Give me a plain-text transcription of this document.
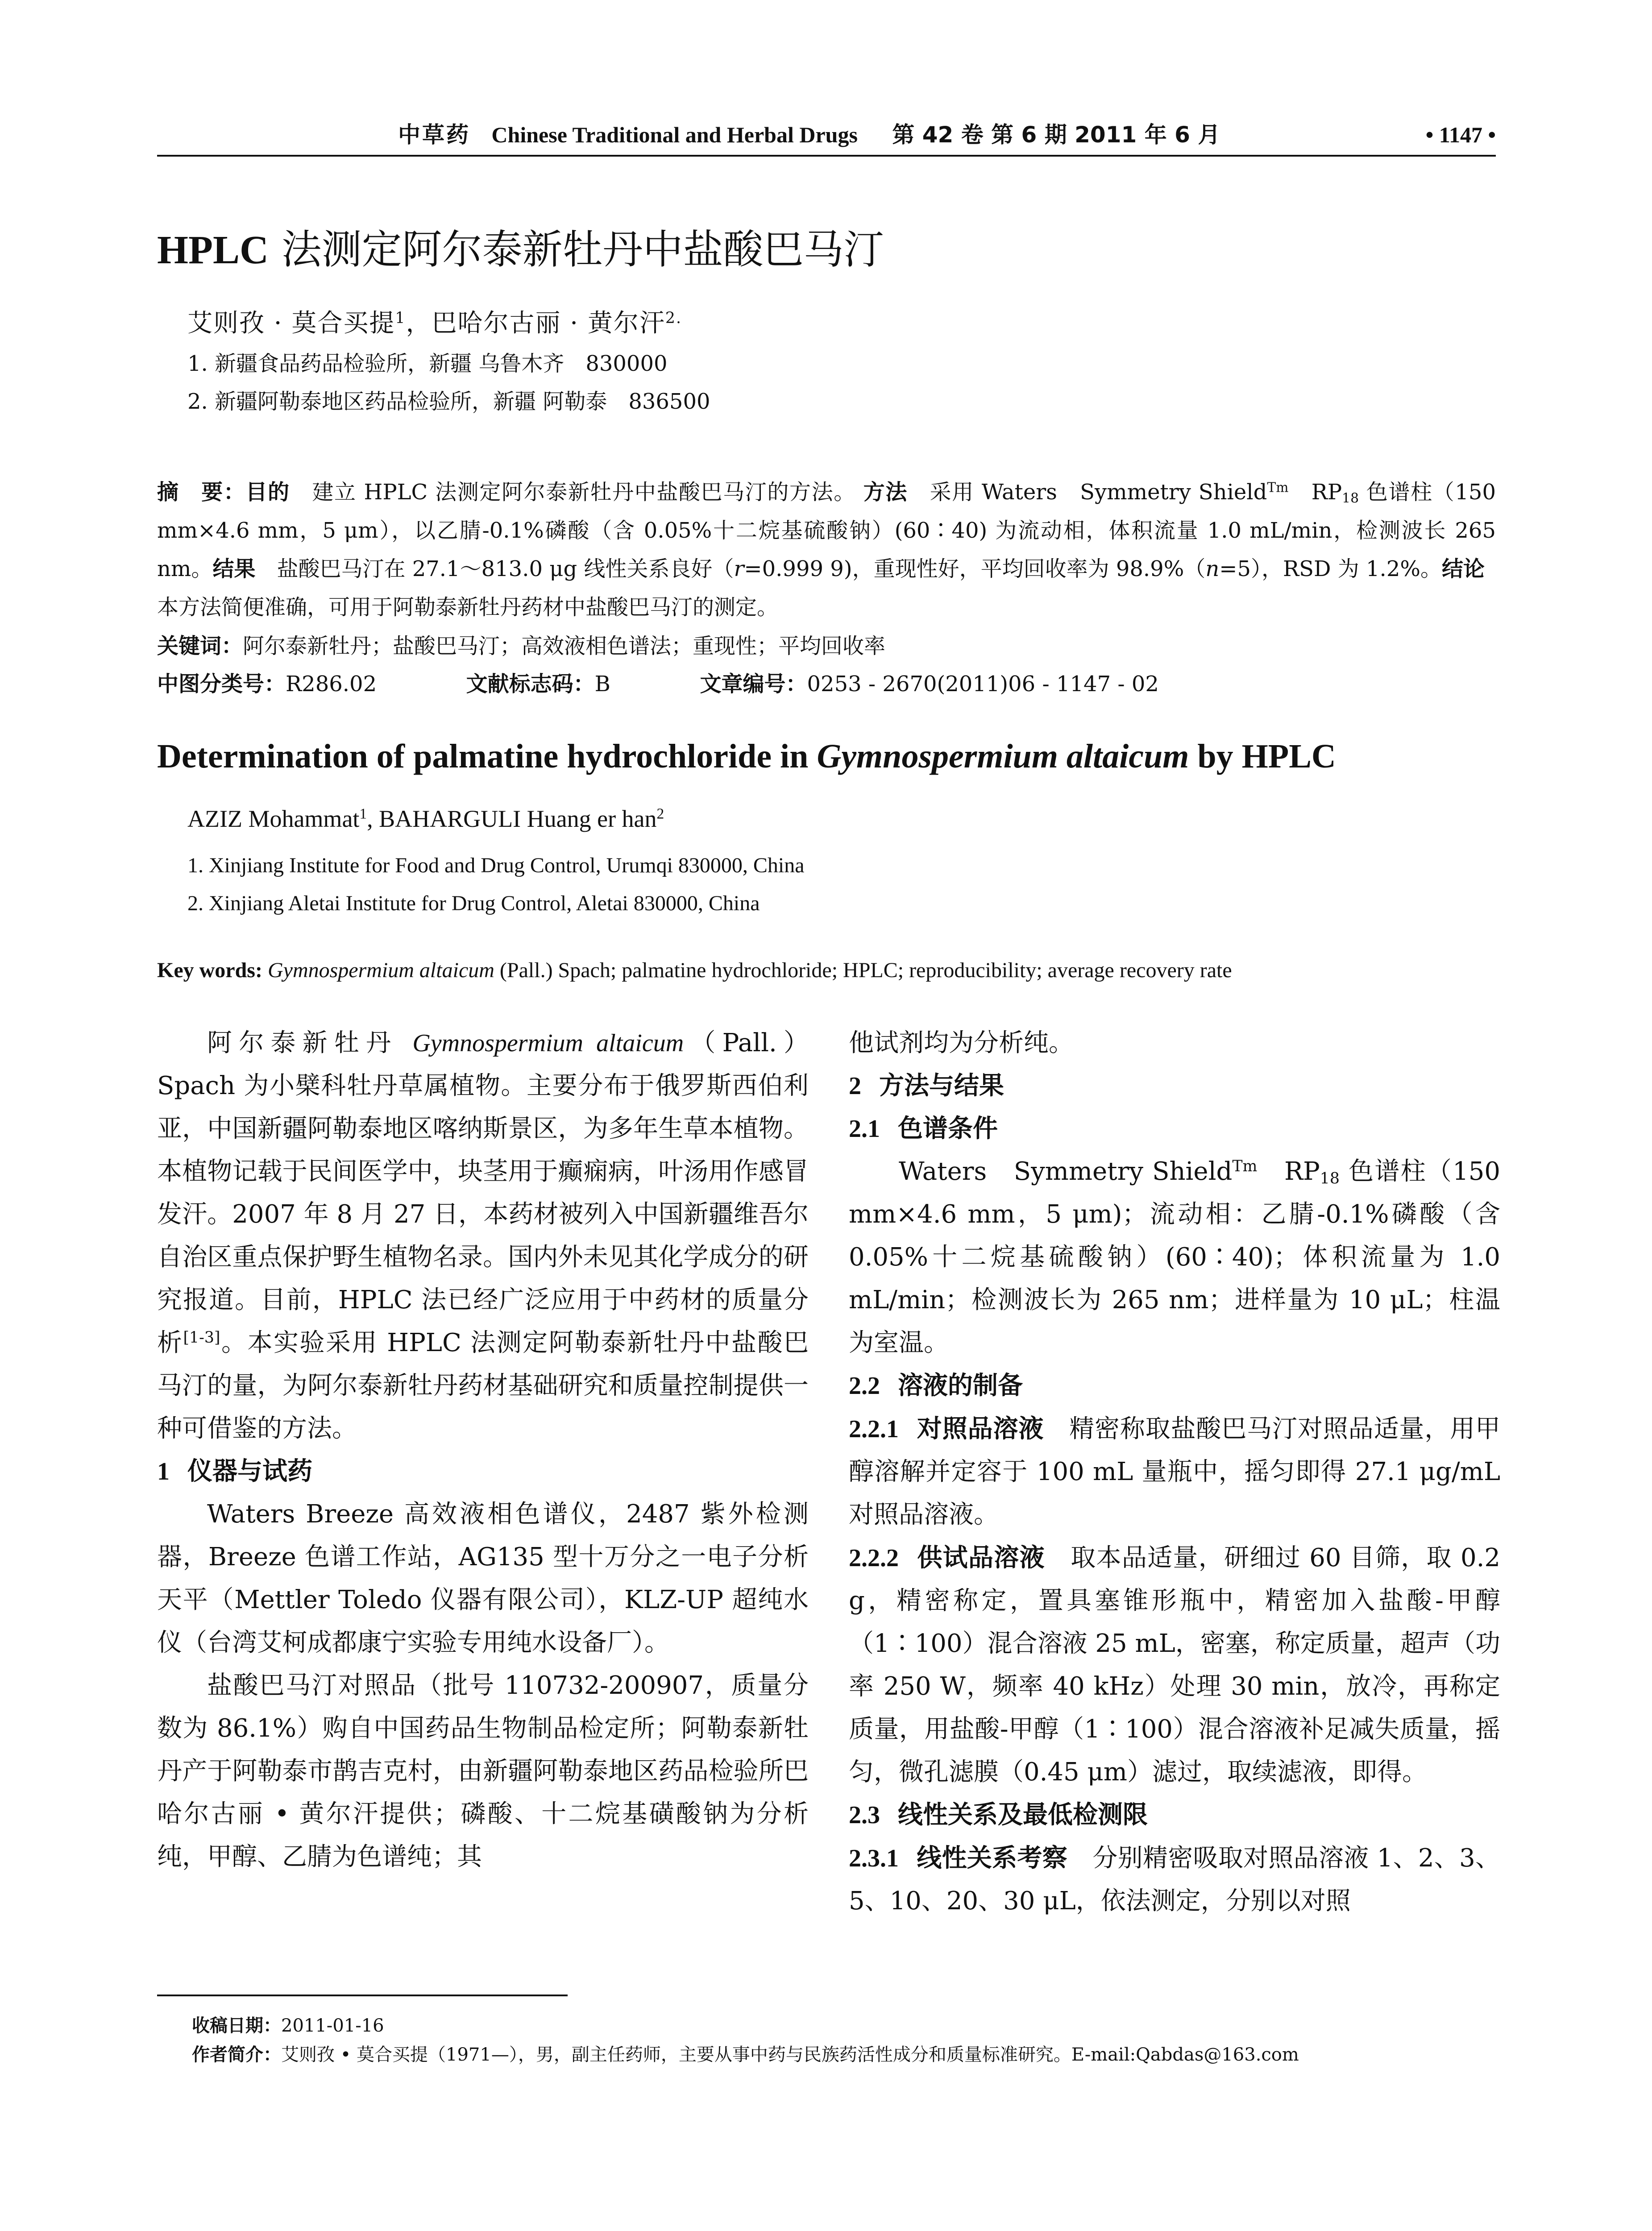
中草药 Chinese Traditional and Herbal Drugs 第 42 卷 第 6 期 2011 年 6 月	• 1147 •
HPLC 法测定阿尔泰新牡丹中盐酸巴马汀
艾则孜 · 莫合买提$^1$，巴哈尔古丽 · 黄尔汗$^{2.}$
1. 新疆食品药品检验所，新疆 乌鲁木齐　830000
2. 新疆阿勒泰地区药品检验所，新疆 阿勒泰　836500
摘　要：目的　建立 HPLC 法测定阿尔泰新牡丹中盐酸巴马汀的方法。 方法　采用 Waters　Symmetry Shield$^{Tm}$　$RP_{18}$ 色谱柱（150 mm×4.6 mm，5 μm），以乙腈-0.1%磷酸（含 0.05%十二烷基硫酸钠）(60∶40) 为流动相，体积流量 1.0 mL/min，检测波长 265 nm。结果　盐酸巴马汀在 27.1～813.0 μg 线性关系良好（r=0.999 9)，重现性好，平均回收率为 98.9%（n=5），RSD 为 1.2%。结论　本方法简便准确，可用于阿勒泰新牡丹药材中盐酸巴马汀的测定。
关键词：阿尔泰新牡丹；盐酸巴马汀；高效液相色谱法；重现性；平均回收率
中图分类号：R286.02	文献标志码：B	文章编号：0253 - 2670(2011)06 - 1147 - 02
Determination of palmatine hydrochloride in Gymnospermium altaicum by HPLC
AZIZ Mohammat$^1$, BAHARGULI Huang er han$^2$
1. Xinjiang Institute for Food and Drug Control, Urumqi 830000, China
2. Xinjiang Aletai Institute for Drug Control, Aletai 830000, China
Key words: Gymnospermium altaicum (Pall.) Spach; palmatine hydrochloride; HPLC; reproducibility; average recovery rate

阿尔泰新牡丹 Gymnospermium altaicum（Pall.）Spach 为小檗科牡丹草属植物。主要分布于俄罗斯西伯利亚，中国新疆阿勒泰地区喀纳斯景区，为多年生草本植物。本植物记载于民间医学中，块茎用于癫痫病，叶汤用作感冒发汗。2007 年 8 月 27 日，本药材被列入中国新疆维吾尔自治区重点保护野生植物名录。国内外未见其化学成分的研究报道。目前，HPLC 法已经广泛应用于中药材的质量分析[1-3]。本实验采用 HPLC 法测定阿勒泰新牡丹中盐酸巴马汀的量，为阿尔泰新牡丹药材基础研究和质量控制提供一种可借鉴的方法。

1 仪器与试药

Waters Breeze 高效液相色谱仪，2487 紫外检测器，Breeze 色谱工作站，AG135 型十万分之一电子分析天平（Mettler Toledo 仪器有限公司），KLZ-UP 超纯水仪（台湾艾柯成都康宁实验专用纯水设备厂）。

盐酸巴马汀对照品（批号 110732-200907，质量分数为 86.1%）购自中国药品生物制品检定所；阿勒泰新牡丹产于阿勒泰市鹊吉克村，由新疆阿勒泰地区药品检验所巴哈尔古丽 • 黄尔汗提供；磷酸、十二烷基磺酸钠为分析纯，甲醇、乙腈为色谱纯；其

他试剂均为分析纯。

2 方法与结果

2.1 色谱条件

Waters　Symmetry Shield$^{Tm}$　$RP_{18}$ 色谱柱（150 mm×4.6 mm，5 μm)；流动相：乙腈-0.1%磷酸（含 0.05%十二烷基硫酸钠）(60∶40)；体积流量为 1.0 mL/min；检测波长为 265 nm；进样量为 10 μL；柱温为室温。

2.2 溶液的制备

2.2.1 对照品溶液　精密称取盐酸巴马汀对照品适量，用甲醇溶解并定容于 100 mL 量瓶中，摇匀即得 27.1 μg/mL 对照品溶液。

2.2.2 供试品溶液　取本品适量，研细过 60 目筛，取 0.2 g，精密称定，置具塞锥形瓶中，精密加入盐酸-甲醇（1∶100）混合溶液 25 mL，密塞，称定质量，超声（功率 250 W，频率 40 kHz）处理 30 min，放冷，再称定质量，用盐酸-甲醇（1∶100）混合溶液补足减失质量，摇匀，微孔滤膜（0.45 μm）滤过，取续滤液，即得。

2.3 线性关系及最低检测限

2.3.1 线性关系考察　分别精密吸取对照品溶液 1、2、3、5、10、20、30 μL，依法测定，分别以对照

收稿日期：2011-01-16
作者简介：艾则孜 • 莫合买提（1971—），男，副主任药师，主要从事中药与民族药活性成分和质量标准研究。E-mail:Qabdas@163.com
